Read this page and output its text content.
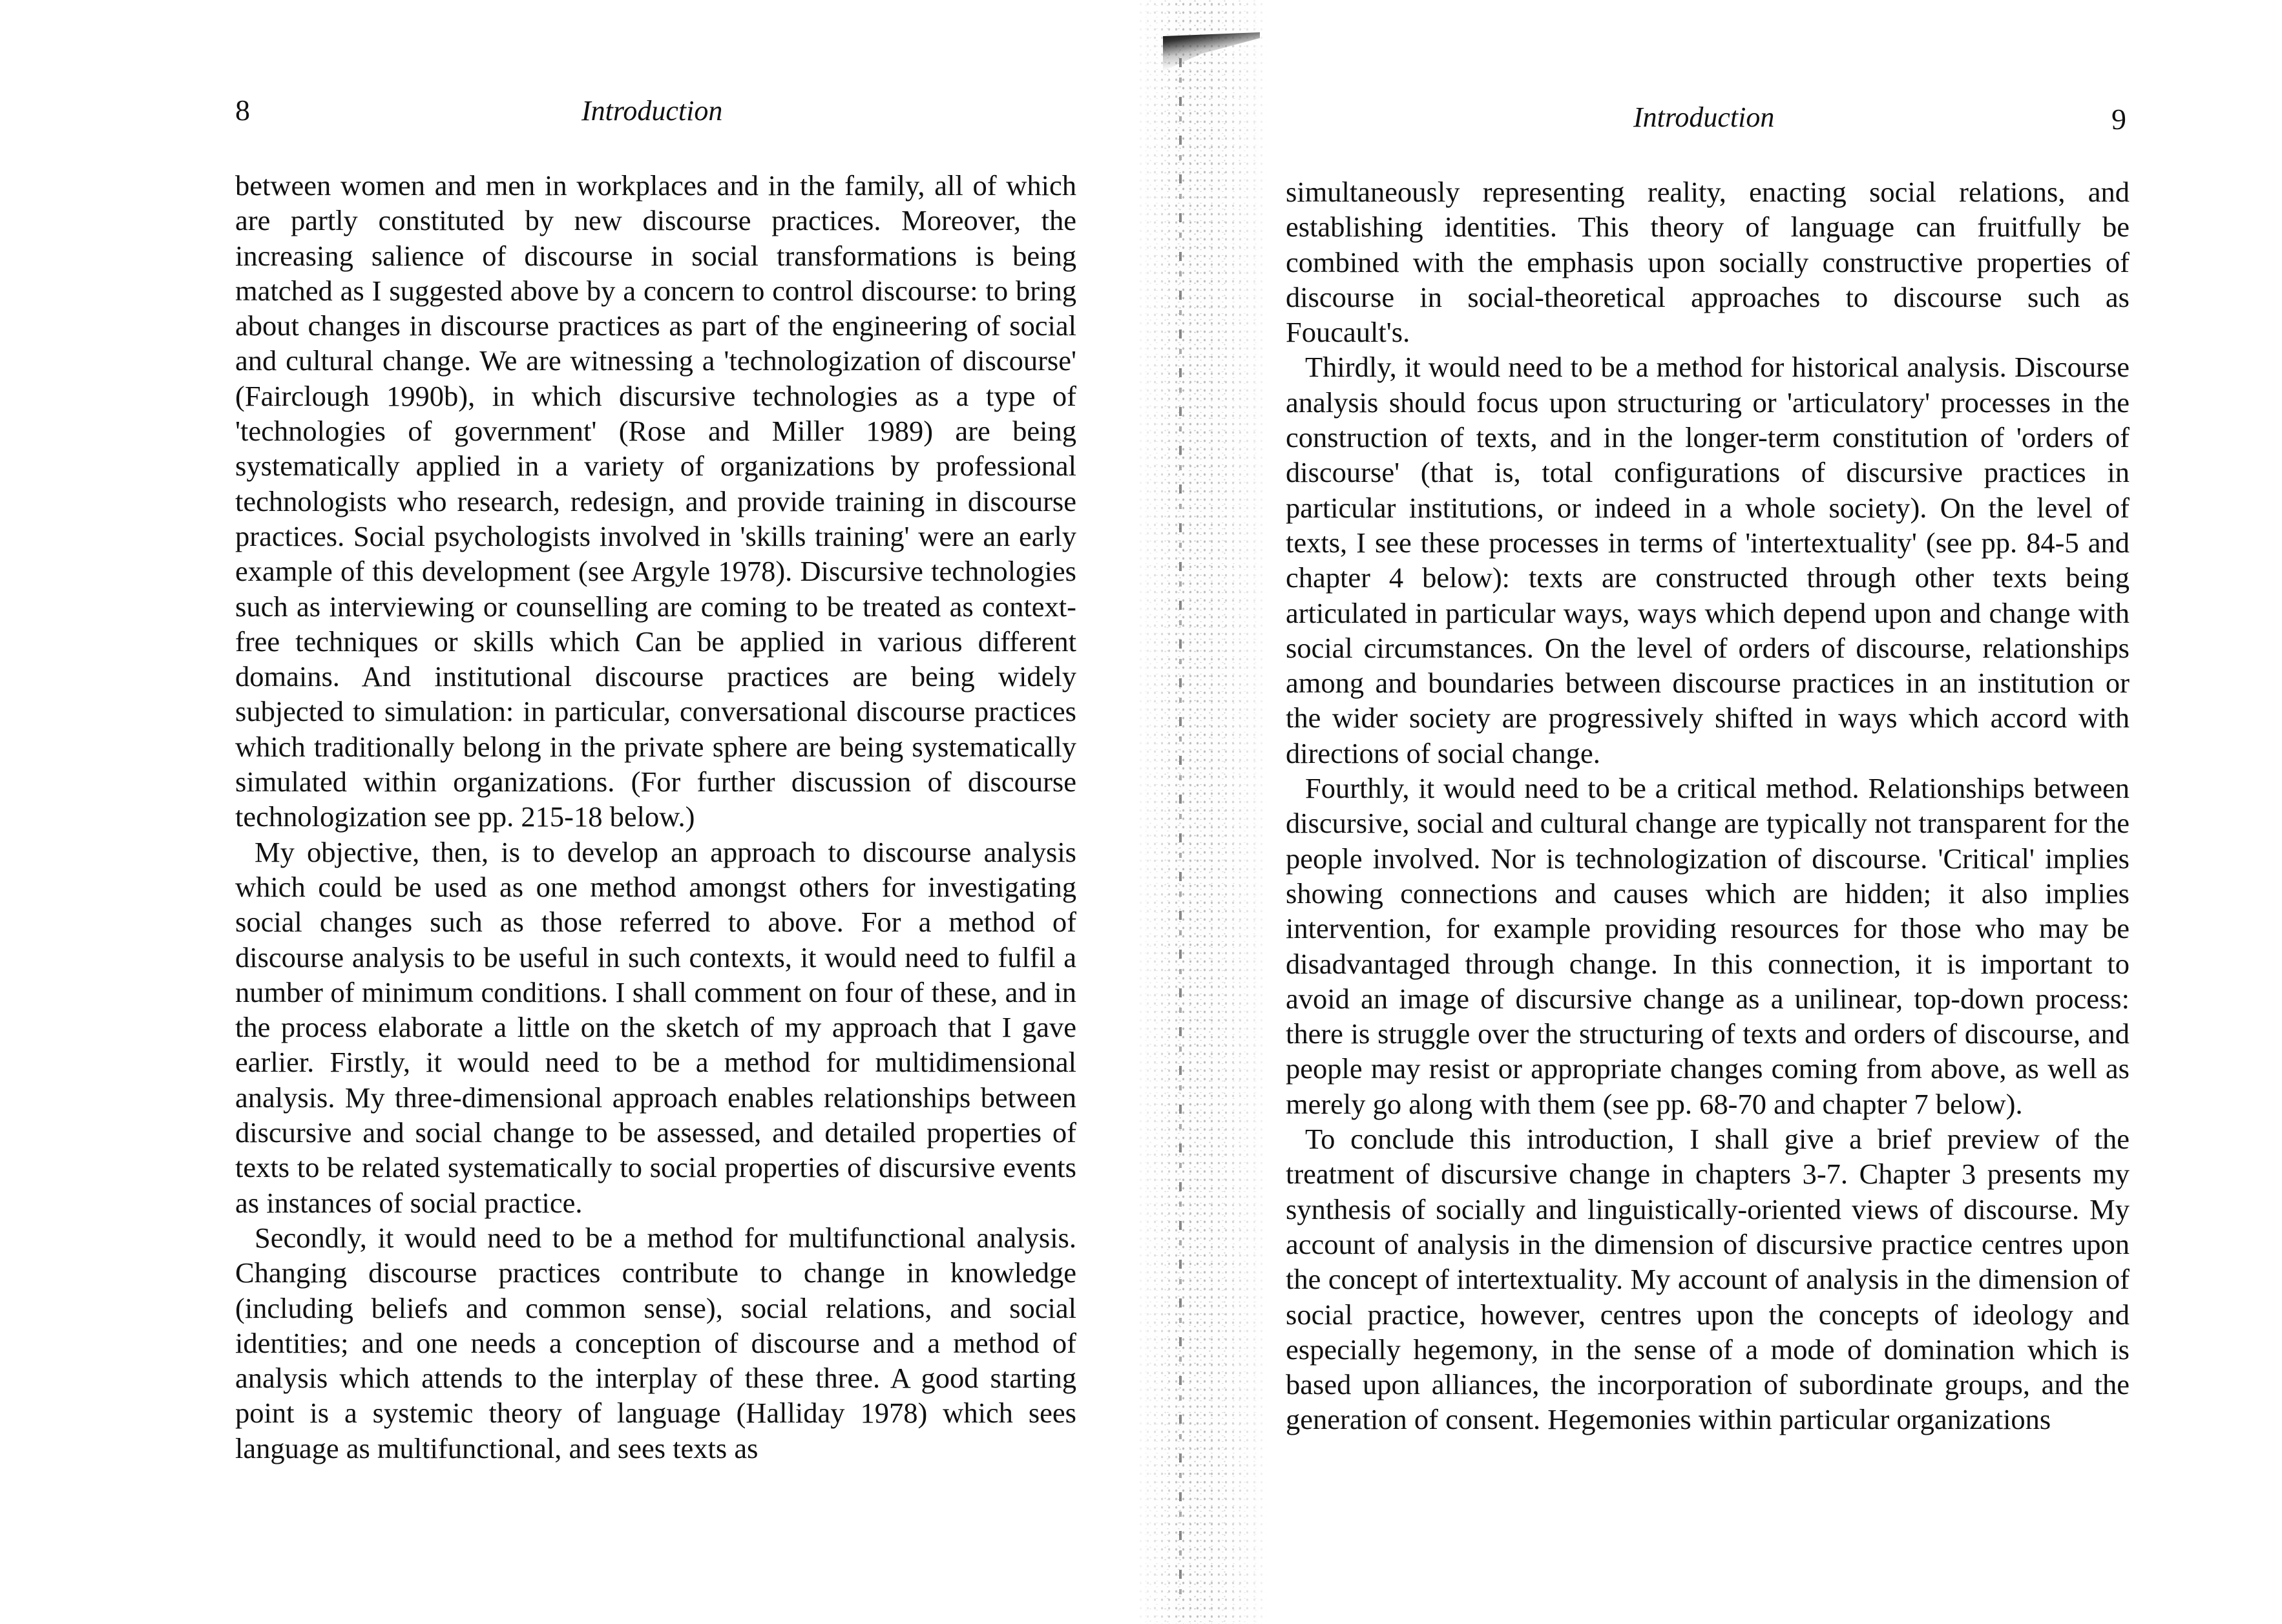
8	Introduction

between women and men in workplaces and in the family, all of which are partly constituted by new discourse practices. Moreover, the increasing salience of discourse in social transformations is being matched as I suggested above by a concern to control discourse: to bring about changes in discourse practices as part of the engineering of social and cultural change. We are witnessing a 'technologization of discourse' (Fairclough 1990b), in which discursive technologies as a type of 'technologies of government' (Rose and Miller 1989) are being systematically applied in a variety of organizations by professional technologists who research, redesign, and provide training in discourse practices. Social psychologists involved in 'skills training' were an early example of this development (see Argyle 1978). Discursive technologies such as interviewing or counselling are coming to be treated as context-free techniques or skills which Can be applied in various different domains. And institutional discourse practices are being widely subjected to simulation: in particular, conversational discourse practices which traditionally belong in the private sphere are being systematically simulated within organizations. (For further discussion of discourse technologization see pp. 215-18 below.)

My objective, then, is to develop an approach to discourse analysis which could be used as one method amongst others for investigating social changes such as those referred to above. For a method of discourse analysis to be useful in such contexts, it would need to fulfil a number of minimum conditions. I shall comment on four of these, and in the process elaborate a little on the sketch of my approach that I gave earlier. Firstly, it would need to be a method for multidimensional analysis. My three-dimensional approach enables relationships between discursive and social change to be assessed, and detailed properties of texts to be related systematically to social properties of discursive events as instances of social practice.

Secondly, it would need to be a method for multifunctional analysis. Changing discourse practices contribute to change in knowledge (including beliefs and common sense), social relations, and social identities; and one needs a conception of discourse and a method of analysis which attends to the interplay of these three. A good starting point is a systemic theory of language (Halliday 1978) which sees language as multifunctional, and sees texts as

Introduction	9

simultaneously representing reality, enacting social relations, and establishing identities. This theory of language can fruitfully be combined with the emphasis upon socially constructive properties of discourse in social-theoretical approaches to discourse such as Foucault's.

Thirdly, it would need to be a method for historical analysis. Discourse analysis should focus upon structuring or 'articulatory' processes in the construction of texts, and in the longer-term constitution of 'orders of discourse' (that is, total configurations of discursive practices in particular institutions, or indeed in a whole society). On the level of texts, I see these processes in terms of 'intertextuality' (see pp. 84-5 and chapter 4 below): texts are constructed through other texts being articulated in particular ways, ways which depend upon and change with social circumstances. On the level of orders of discourse, relationships among and boundaries between discourse practices in an institution or the wider society are progressively shifted in ways which accord with directions of social change.

Fourthly, it would need to be a critical method. Relationships between discursive, social and cultural change are typically not transparent for the people involved. Nor is technologization of discourse. 'Critical' implies showing connections and causes which are hidden; it also implies intervention, for example providing resources for those who may be disadvantaged through change. In this connection, it is important to avoid an image of discursive change as a unilinear, top-down process: there is struggle over the structuring of texts and orders of discourse, and people may resist or appropriate changes coming from above, as well as merely go along with them (see pp. 68-70 and chapter 7 below).

To conclude this introduction, I shall give a brief preview of the treatment of discursive change in chapters 3-7. Chapter 3 presents my synthesis of socially and linguistically-oriented views of discourse. My account of analysis in the dimension of discursive practice centres upon the concept of intertextuality. My account of analysis in the dimension of social practice, however, centres upon the concepts of ideology and especially hegemony, in the sense of a mode of domination which is based upon alliances, the incorporation of subordinate groups, and the generation of consent. Hegemonies within particular organizations
